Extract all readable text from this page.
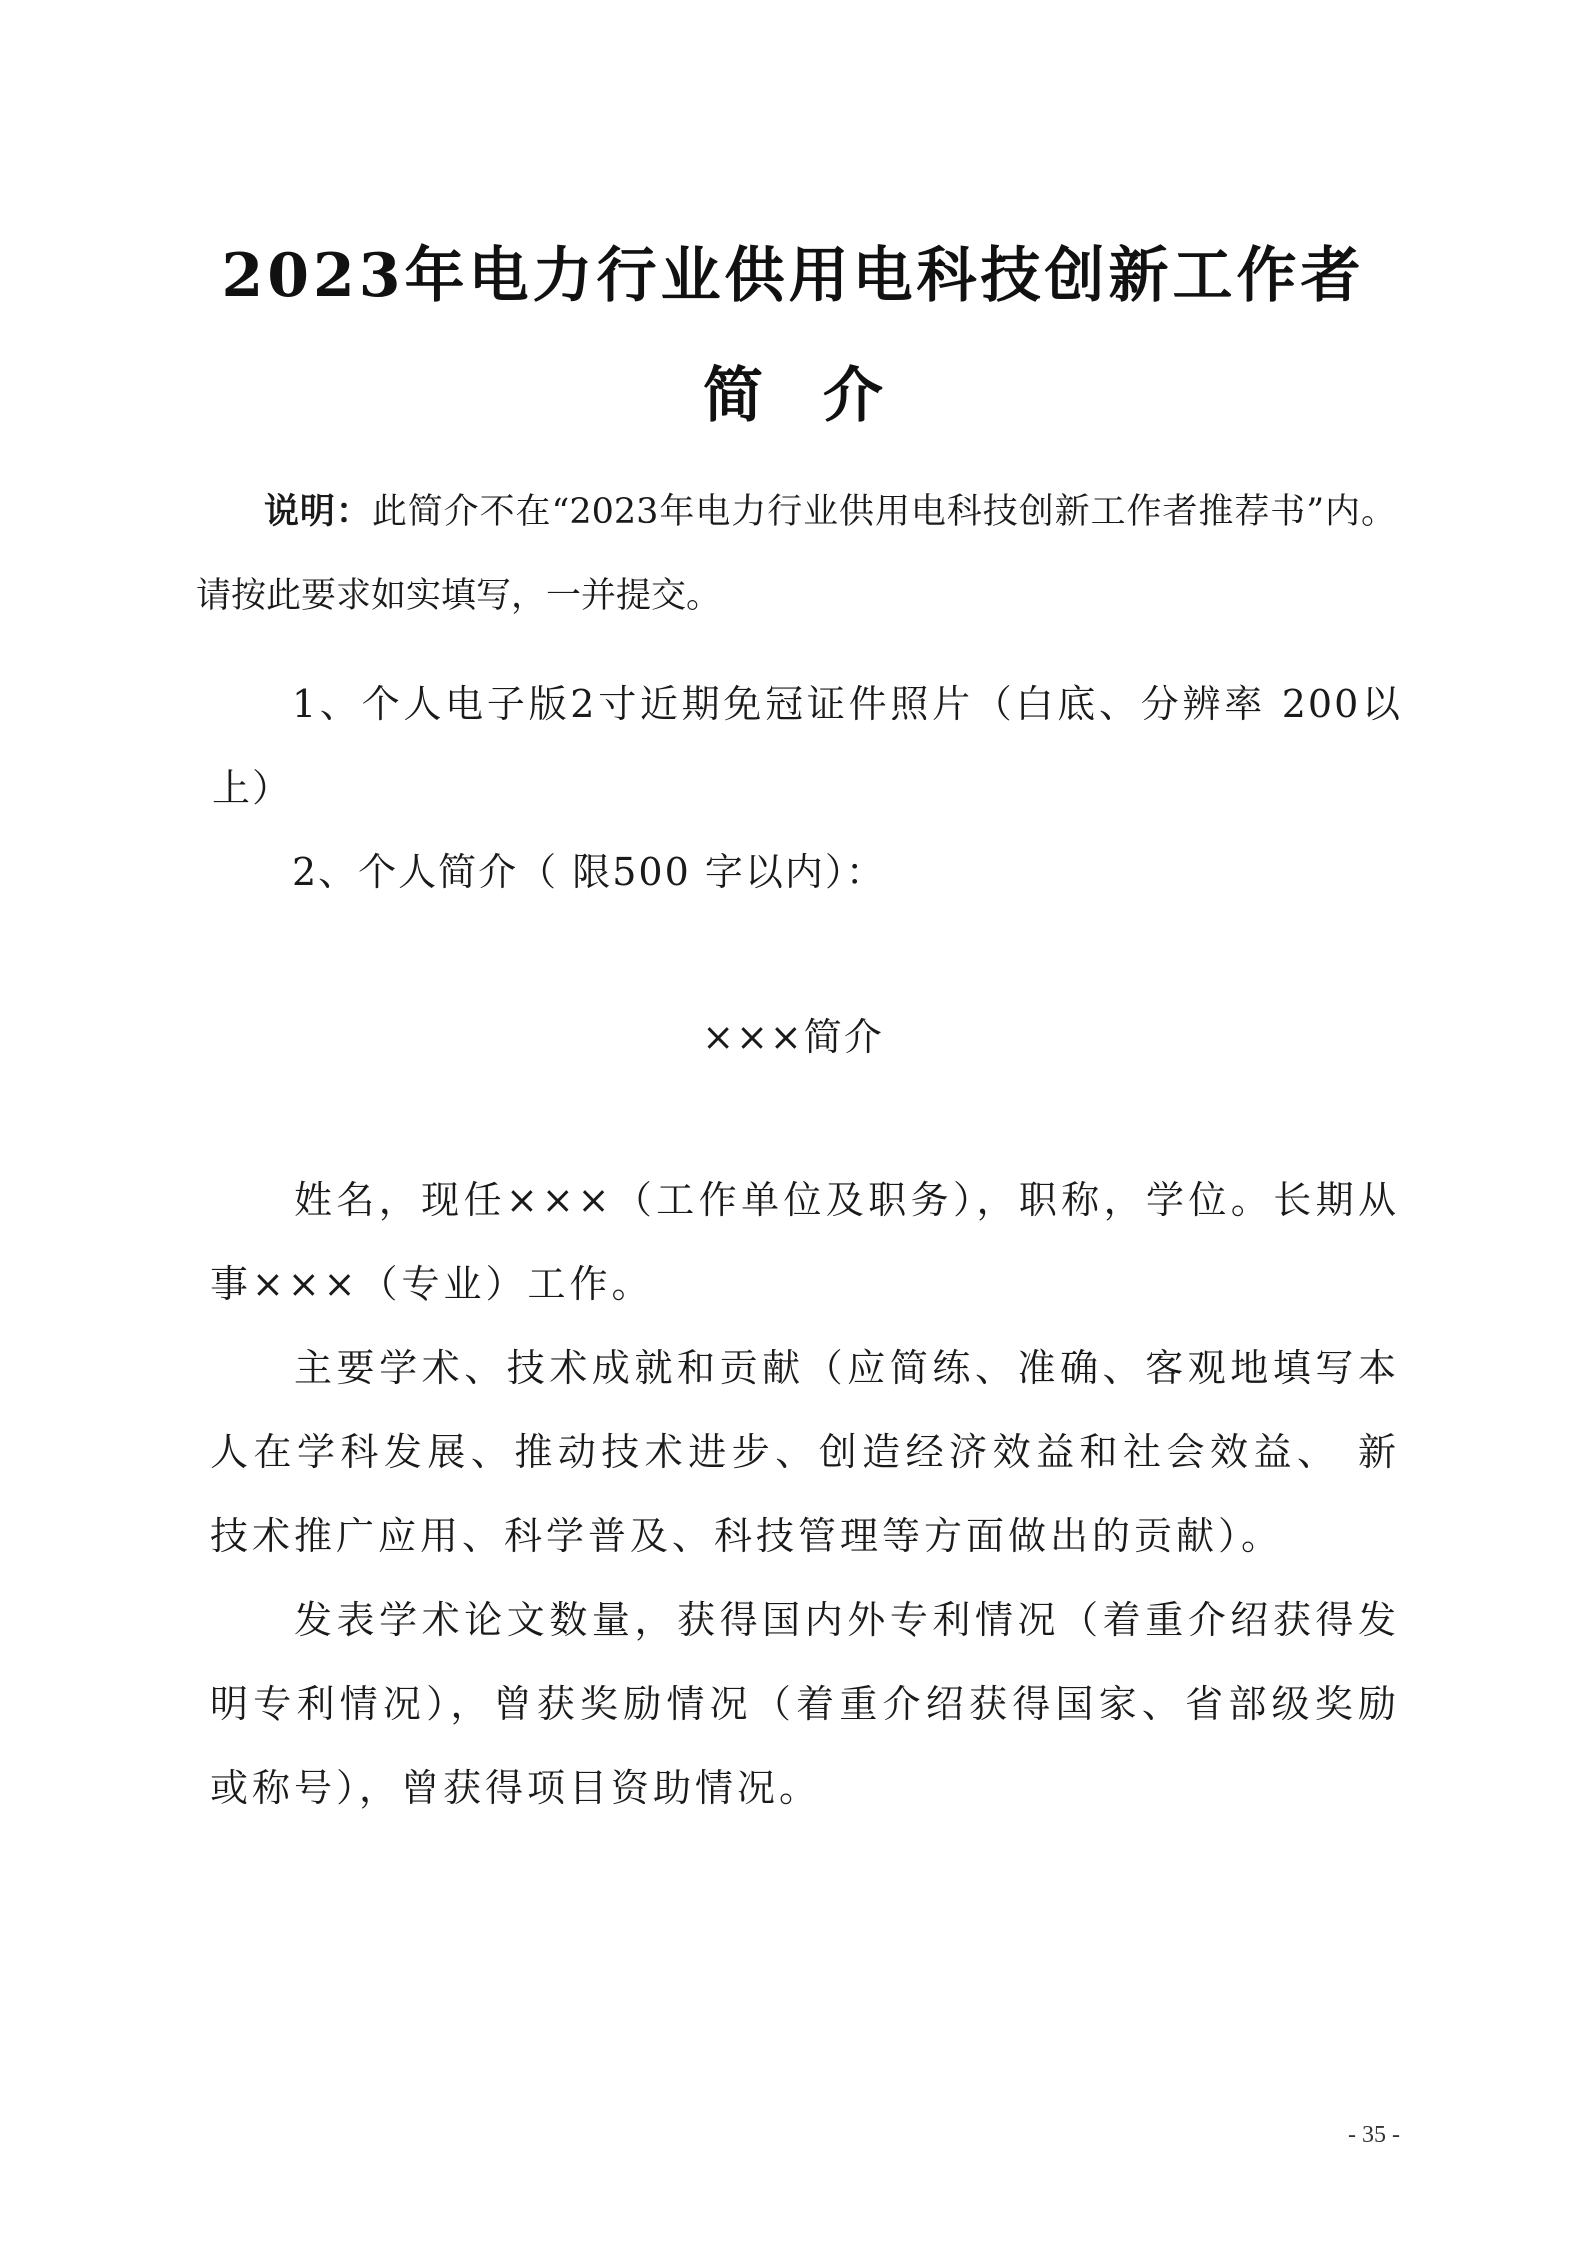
2023年电力行业供用电科技创新工作者
简介
说明：此简介不在“2023年电力行业供用电科技创新工作者推荐书”内。请按此要求如实填写，一并提交。
1、个人电子版2寸近期免冠证件照片（白底、分辨率 200以上）
2、个人简介（ 限500 字以内）：
×××简介
姓名，现任×××（工作单位及职务），职称，学位。长期从事×××（专业）工作。
主要学术、技术成就和贡献（应简练、准确、客观地填写本人在学科发展、推动技术进步、创造经济效益和社会效益、 新技术推广应用、科学普及、科技管理等方面做出的贡献）。
发表学术论文数量，获得国内外专利情况（着重介绍获得发明专利情况），曾获奖励情况（着重介绍获得国家、省部级奖励或称号），曾获得项目资助情况。
- 35 -
